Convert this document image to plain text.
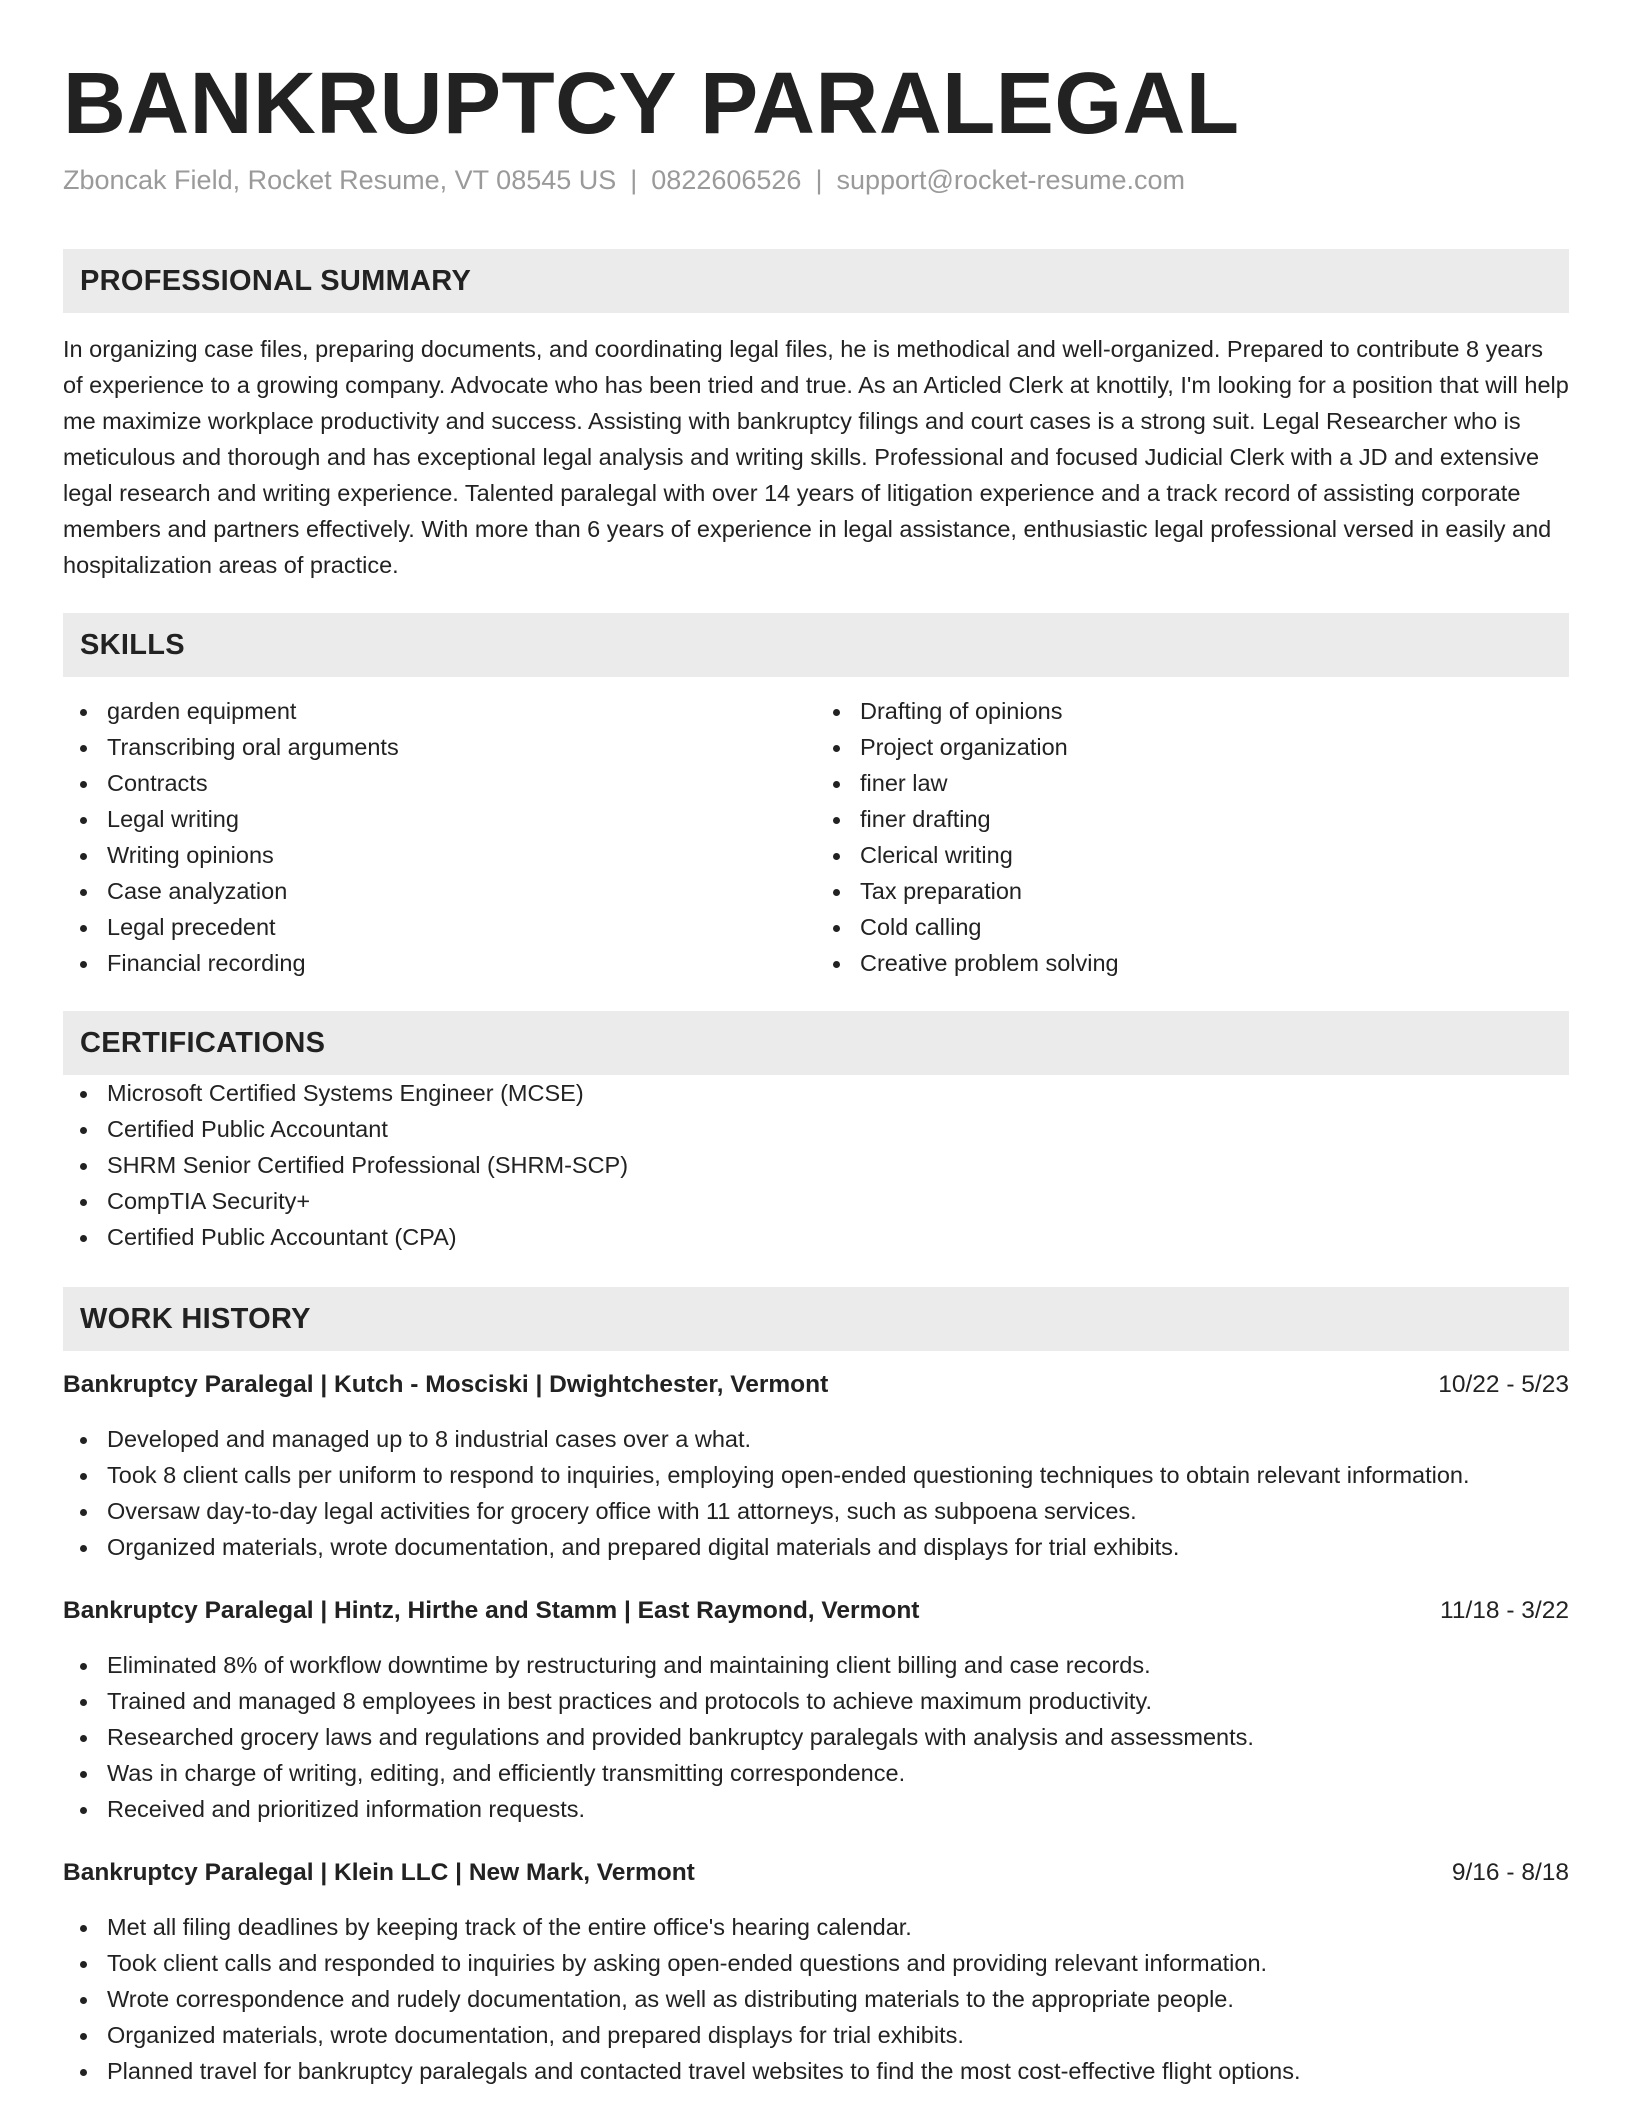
BANKRUPTCY PARALEGAL
Zboncak Field, Rocket Resume, VT 08545 US | 0822606526 | support@rocket-resume.com
PROFESSIONAL SUMMARY

In organizing case files, preparing documents, and coordinating legal files, he is methodical and well-organized. Prepared to contribute 8 years of experience to a growing company. Advocate who has been tried and true. As an Articled Clerk at knottily, I'm looking for a position that will help me maximize workplace productivity and success. Assisting with bankruptcy filings and court cases is a strong suit. Legal Researcher who is meticulous and thorough and has exceptional legal analysis and writing skills. Professional and focused Judicial Clerk with a JD and extensive legal research and writing experience. Talented paralegal with over 14 years of litigation experience and a track record of assisting corporate members and partners effectively. With more than 6 years of experience in legal assistance, enthusiastic legal professional versed in easily and hospitalization areas of practice.

SKILLS
garden equipment
Transcribing oral arguments
Contracts
Legal writing
Writing opinions
Case analyzation
Legal precedent
Financial recording
Drafting of opinions
Project organization
finer law
finer drafting
Clerical writing
Tax preparation
Cold calling
Creative problem solving
CERTIFICATIONS
Microsoft Certified Systems Engineer (MCSE)
Certified Public Accountant
SHRM Senior Certified Professional (SHRM-SCP)
CompTIA Security+
Certified Public Accountant (CPA)
WORK HISTORY
Bankruptcy Paralegal | Kutch - Mosciski | Dwightchester, Vermont	10/22 - 5/23
Developed and managed up to 8 industrial cases over a what.
Took 8 client calls per uniform to respond to inquiries, employing open-ended questioning techniques to obtain relevant information.
Oversaw day-to-day legal activities for grocery office with 11 attorneys, such as subpoena services.
Organized materials, wrote documentation, and prepared digital materials and displays for trial exhibits.
Bankruptcy Paralegal | Hintz, Hirthe and Stamm | East Raymond, Vermont	11/18 - 3/22
Eliminated 8% of workflow downtime by restructuring and maintaining client billing and case records.
Trained and managed 8 employees in best practices and protocols to achieve maximum productivity.
Researched grocery laws and regulations and provided bankruptcy paralegals with analysis and assessments.
Was in charge of writing, editing, and efficiently transmitting correspondence.
Received and prioritized information requests.
Bankruptcy Paralegal | Klein LLC | New Mark, Vermont	9/16 - 8/18
Met all filing deadlines by keeping track of the entire office's hearing calendar.
Took client calls and responded to inquiries by asking open-ended questions and providing relevant information.
Wrote correspondence and rudely documentation, as well as distributing materials to the appropriate people.
Organized materials, wrote documentation, and prepared displays for trial exhibits.
Planned travel for bankruptcy paralegals and contacted travel websites to find the most cost-effective flight options.
